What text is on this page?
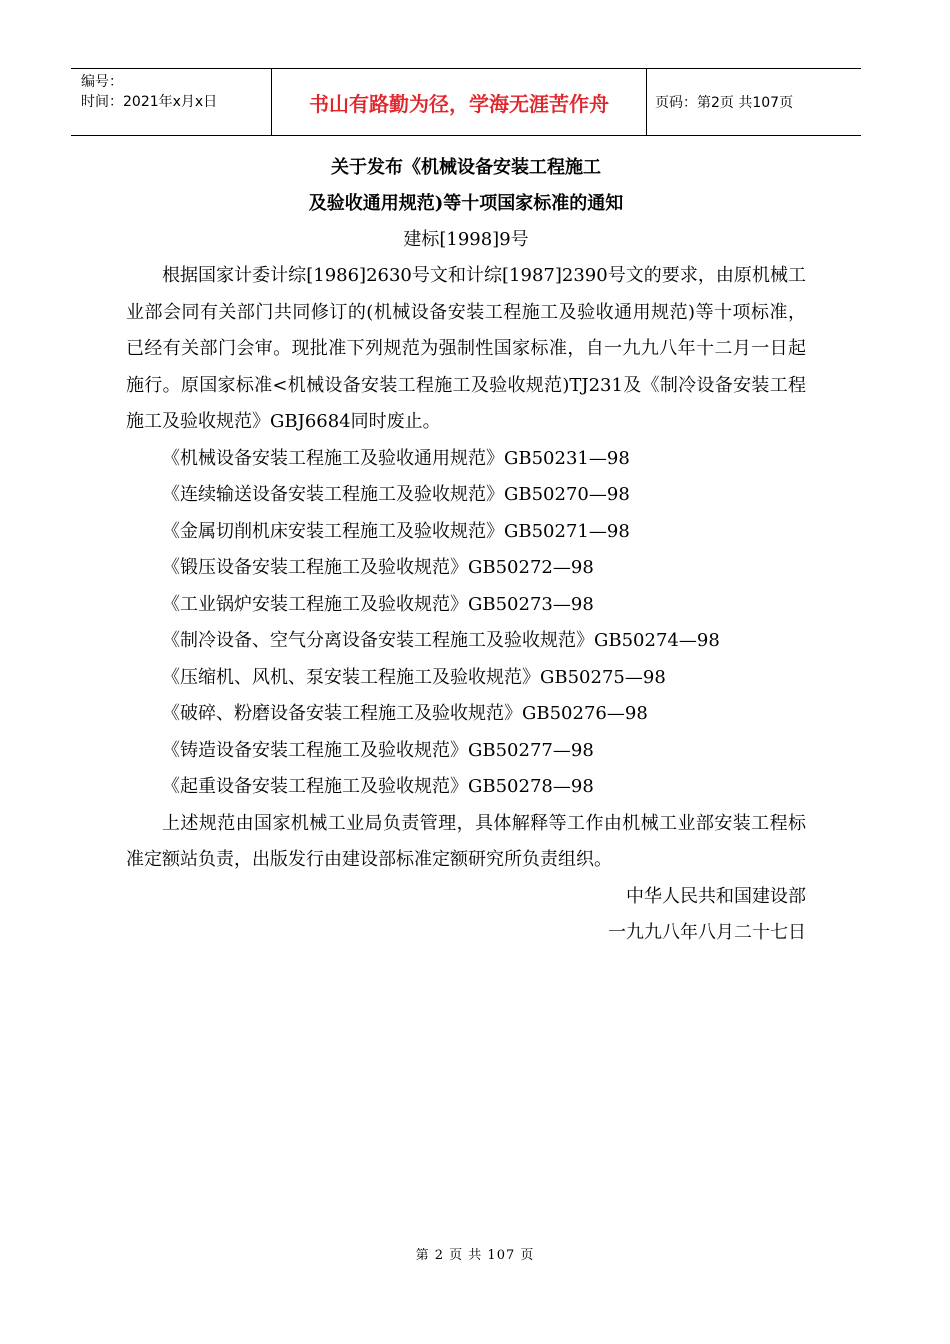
编号：
时间：2021年x月x日	书山有路勤为径，学海无涯苦作舟	页码：第2页 共107页

关于发布《机械设备安装工程施工

及验收通用规范)等十项国家标准的通知

建标[1998]9号

根据国家计委计综[1986]2630号文和计综[1987]2390号文的要求，由原机械工业部会同有关部门共同修订的(机械设备安装工程施工及验收通用规范)等十项标准，已经有关部门会审。现批准下列规范为强制性国家标准，自一九九八年十二月一日起施行。原国家标准<机械设备安装工程施工及验收规范)TJ231及《制冷设备安装工程施工及验收规范》GBJ6684同时废止。

《机械设备安装工程施工及验收通用规范》GB50231—98

《连续输送设备安装工程施工及验收规范》GB50270—98

《金属切削机床安装工程施工及验收规范》GB50271—98

《锻压设备安装工程施工及验收规范》GB50272—98

《工业锅炉安装工程施工及验收规范》GB50273—98

《制冷设备、空气分离设备安装工程施工及验收规范》GB50274—98

《压缩机、风机、泵安装工程施工及验收规范》GB50275—98

《破碎、粉磨设备安装工程施工及验收规范》GB50276—98

《铸造设备安装工程施工及验收规范》GB50277—98

《起重设备安装工程施工及验收规范》GB50278—98

上述规范由国家机械工业局负责管理，具体解释等工作由机械工业部安装工程标准定额站负责，出版发行由建设部标准定额研究所负责组织。

中华人民共和国建设部

一九九八年八月二十七日

第 2 页 共 107 页
